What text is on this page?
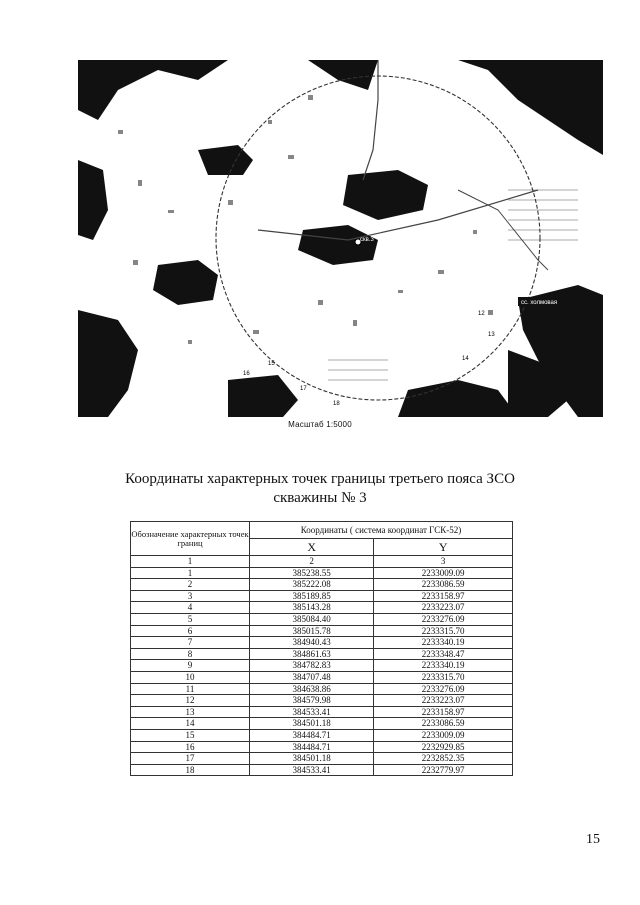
скв.3
сс. холмовая
12 17
12
13
14
15
16
17
18
Масштаб 1:5000
Координаты характерных точек границы третьего пояса ЗСО
скважины № 3
Обозначение характерных точек границ	Координаты ( система координат ГСК-52)	
	X	Y
1	2	3
1	385238.55	2233009.09
2	385222.08	2233086.59
3	385189.85	2233158.97
4	385143.28	2233223.07
5	385084.40	2233276.09
6	385015.78	2233315.70
7	384940.43	2233340.19
8	384861.63	2233348.47
9	384782.83	2233340.19
10	384707.48	2233315.70
11	384638.86	2233276.09
12	384579.98	2233223.07
13	384533.41	2233158.97
14	384501.18	2233086.59
15	384484.71	2233009.09
16	384484.71	2232929.85
17	384501.18	2232852.35
18	384533.41	2232779.97
15
